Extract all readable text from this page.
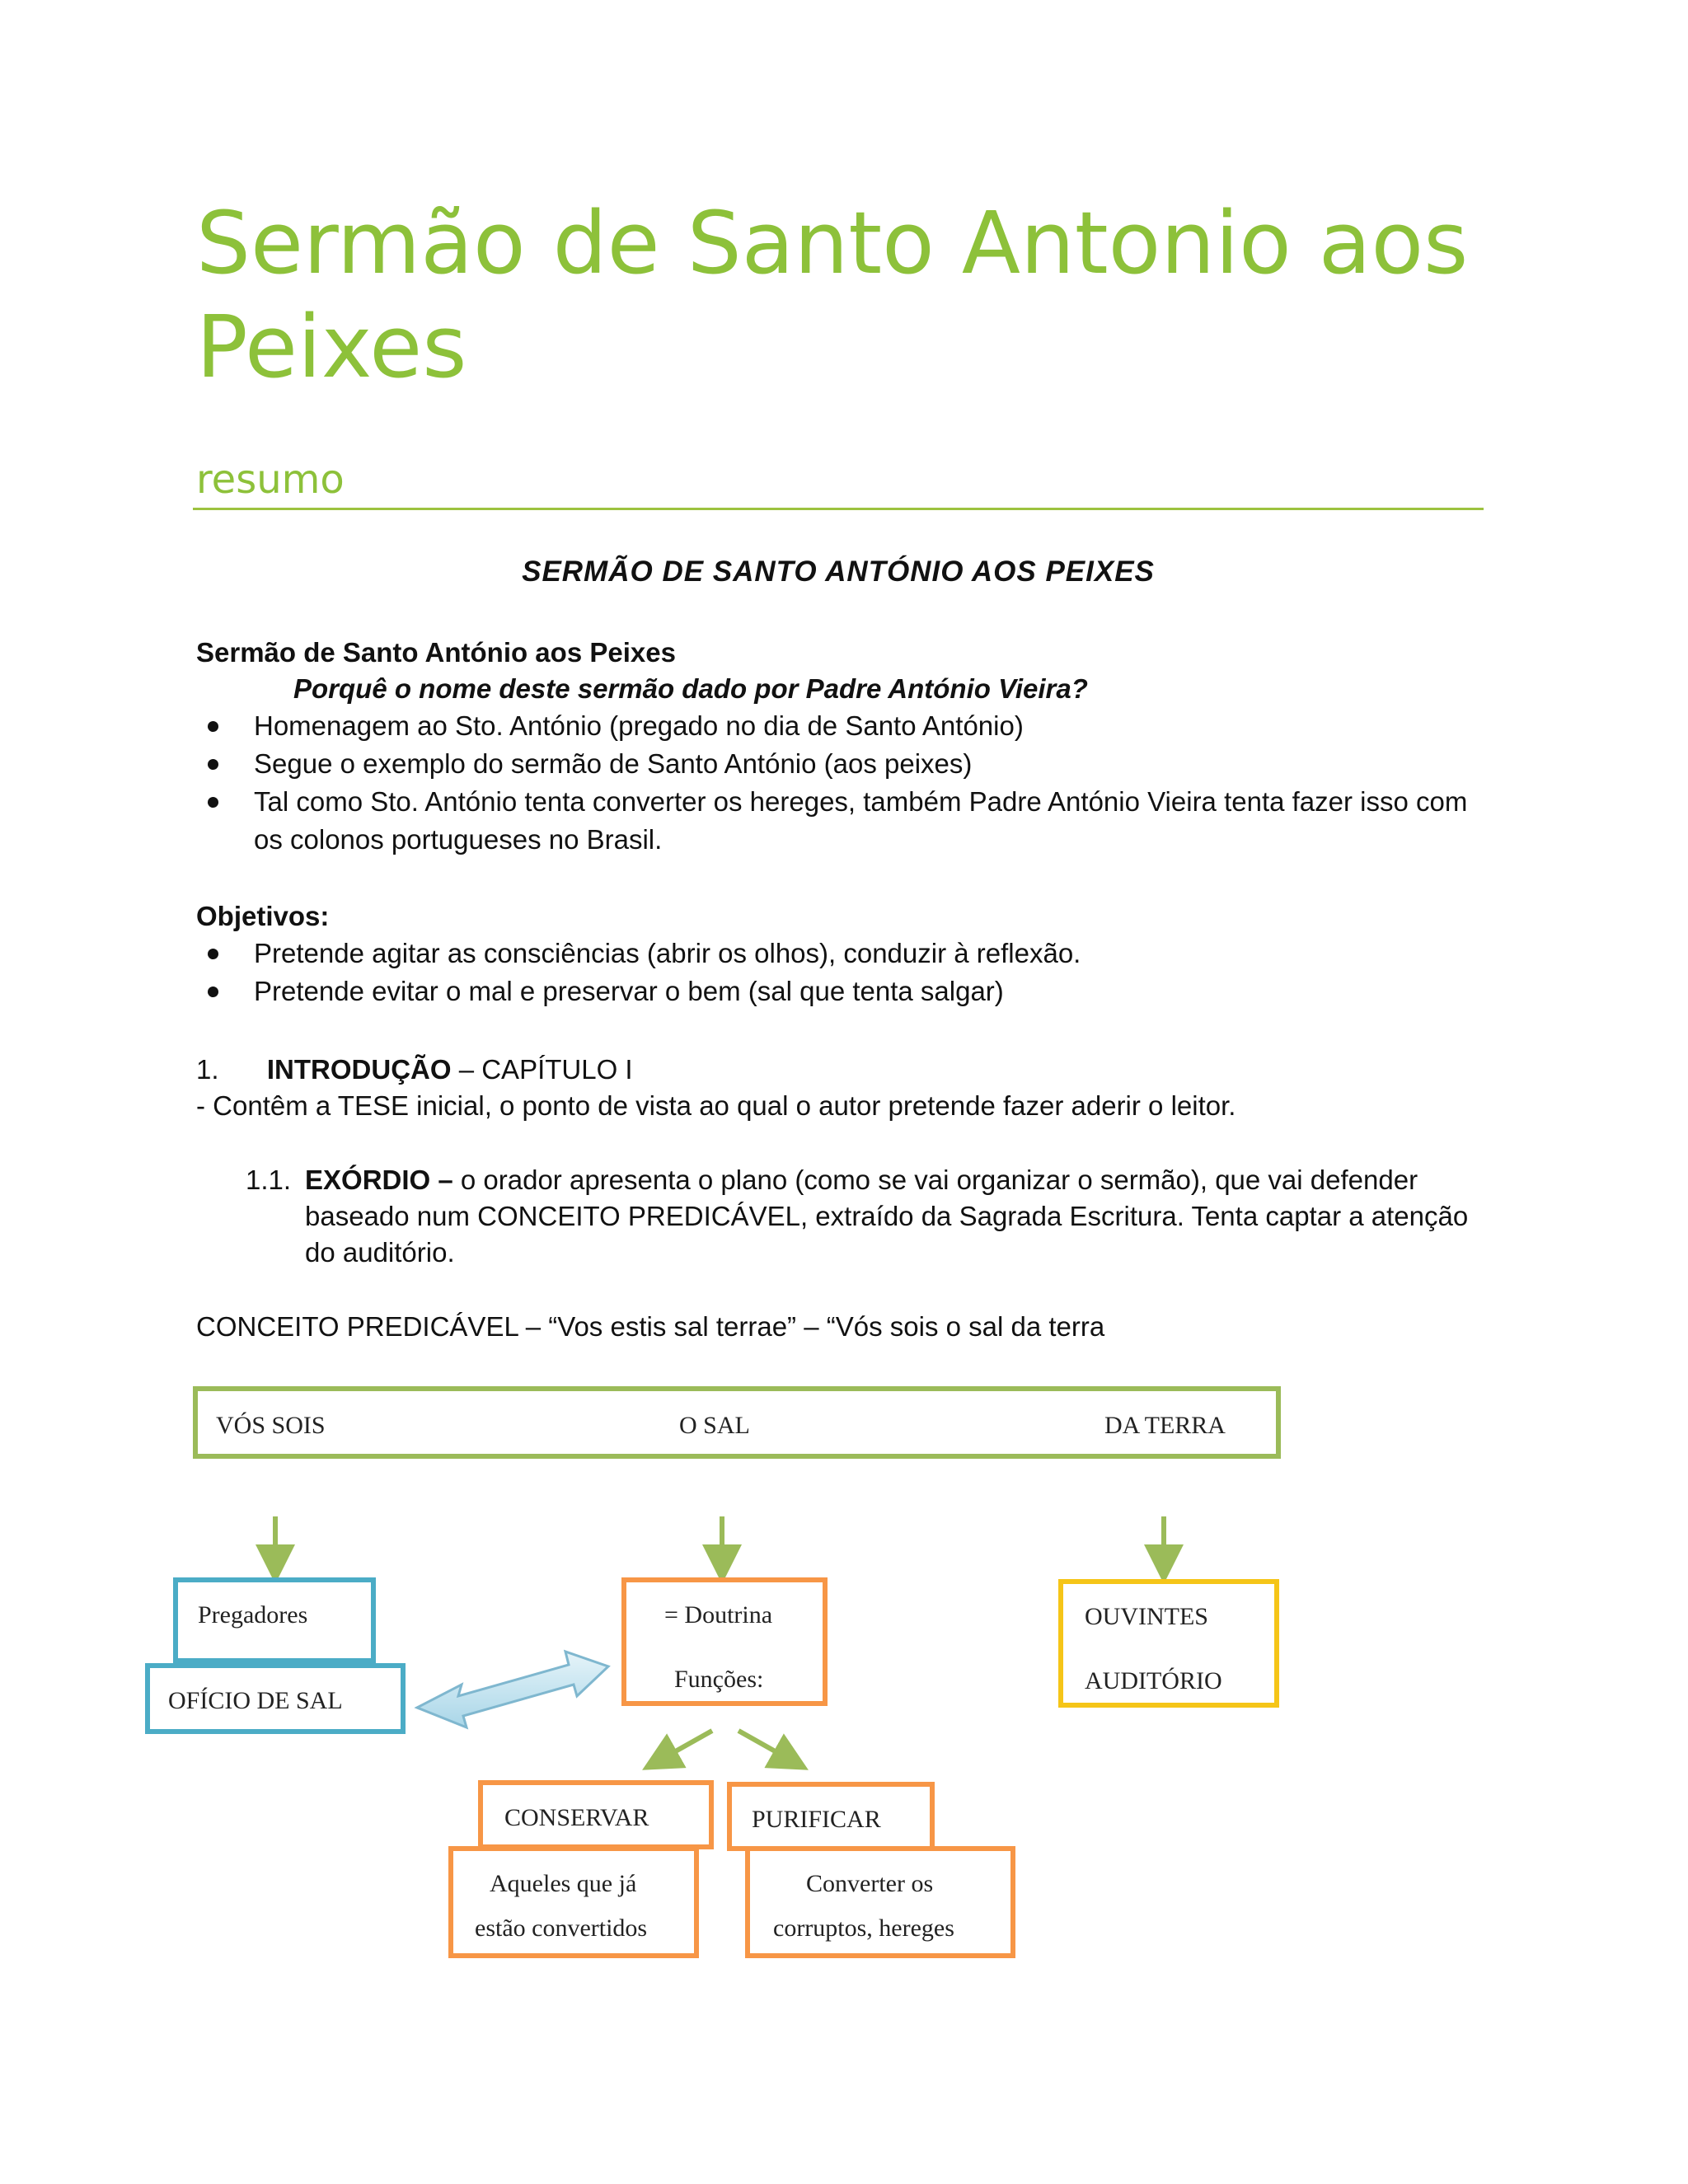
Sermão de Santo Antonio aos Peixes
resumo
SERMÃO DE SANTO ANTÓNIO AOS PEIXES
Sermão de Santo António aos Peixes
Porquê o nome deste sermão dado por Padre António Vieira?
Homenagem ao Sto. António (pregado no dia de Santo António)
Segue o exemplo do sermão de Santo António (aos peixes)
Tal como Sto. António tenta converter os hereges, também Padre António Vieira tenta fazer isso com os colonos portugueses no Brasil.
Objetivos:
Pretende agitar as consciências (abrir os olhos), conduzir à reflexão.
Pretende evitar o mal e preservar o bem (sal que tenta salgar)
1. INTRODUÇÃO – CAPÍTULO I
- Contêm a TESE inicial, o ponto de vista ao qual o autor pretende fazer aderir o leitor.
1.1. EXÓRDIO – o orador apresenta o plano (como se vai organizar o sermão), que vai defender baseado num CONCEITO PREDICÁVEL, extraído da Sagrada Escritura. Tenta captar a atenção do auditório.
CONCEITO PREDICÁVEL – “Vos estis sal terrae” – “Vós sois o sal da terra
VÓS SOIS	O SAL	DA TERRA
Pregadores
OFÍCIO DE SAL
= Doutrina
Funções:
OUVINTES
AUDITÓRIO
CONSERVAR
Aqueles que já
estão convertidos
PURIFICAR
Converter os
corruptos, hereges
